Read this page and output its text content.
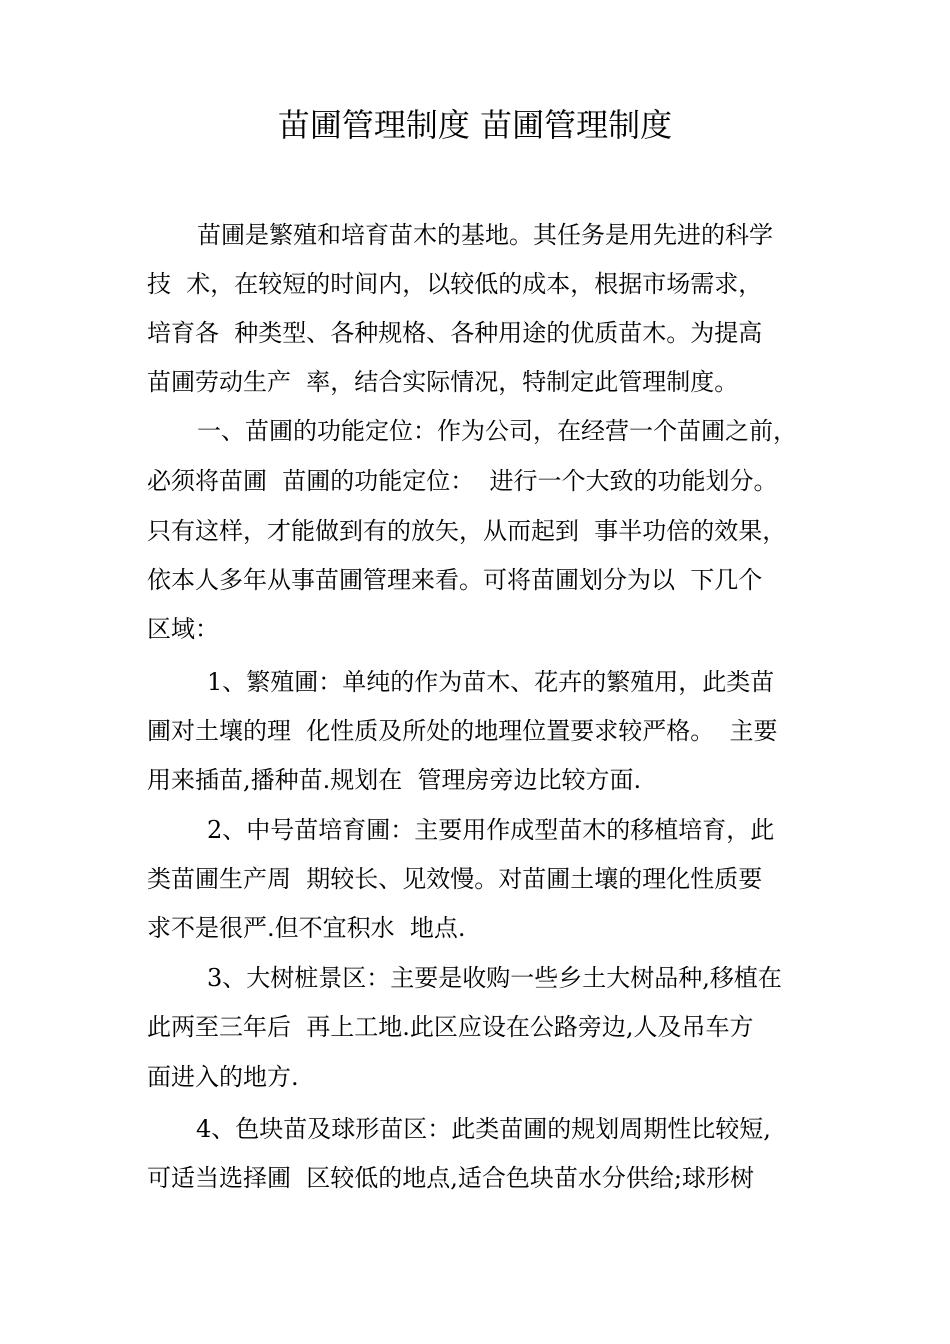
苗圃管理制度 苗圃管理制度
苗圃是繁殖和培育苗木的基地。其任务是用先进的科学
技  术，在较短的时间内，以较低的成本，根据市场需求，
培育各  种类型、各种规格、各种用途的优质苗木。为提高
苗圃劳动生产  率，结合实际情况，特制定此管理制度。
一、苗圃的功能定位：作为公司，在经营一个苗圃之前，
必须将苗圃  苗圃的功能定位：  进行一个大致的功能划分。
只有这样，才能做到有的放矢，从而起到  事半功倍的效果，
依本人多年从事苗圃管理来看。可将苗圃划分为以  下几个
区域：
1、繁殖圃：单纯的作为苗木、花卉的繁殖用，此类苗
圃对土壤的理  化性质及所处的地理位置要求较严格。  主要
用来插苗,播种苗.规划在  管理房旁边比较方面.
2、中号苗培育圃：主要用作成型苗木的移植培育，此
类苗圃生产周  期较长、见效慢。对苗圃土壤的理化性质要
求不是很严.但不宜积水  地点.
3、大树桩景区：主要是收购一些乡土大树品种,移植在
此两至三年后  再上工地.此区应设在公路旁边,人及吊车方
面进入的地方.
4、色块苗及球形苗区：此类苗圃的规划周期性比较短,
可适当选择圃  区较低的地点,适合色块苗水分供给;球形树
